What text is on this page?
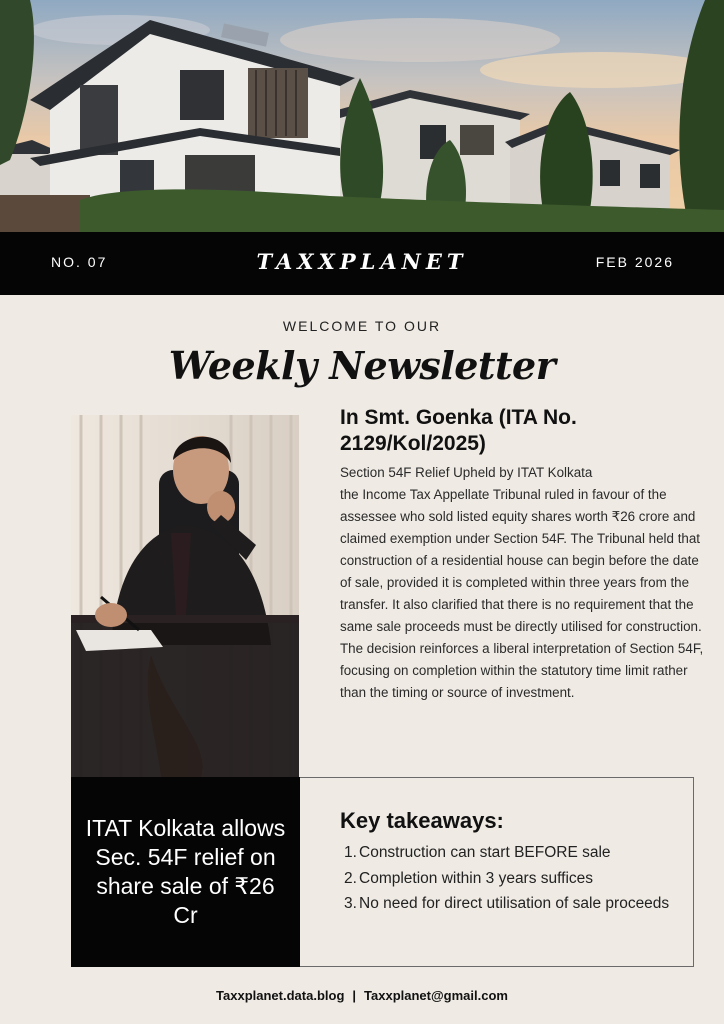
NO. 07	TAXXPLANET	FEB 2026
WELCOME TO OUR
Weekly Newsletter
In Smt. Goenka (ITA No. 2129/Kol/2025)

Section 54F Relief Upheld by ITAT Kolkata

the Income Tax Appellate Tribunal ruled in favour of the assessee who sold listed equity shares worth ₹26 crore and claimed exemption under Section 54F. The Tribunal held that construction of a residential house can begin before the date of sale, provided it is completed within three years from the transfer. It also clarified that there is no requirement that the same sale proceeds must be directly utilised for construction. The decision reinforces a liberal interpretation of Section 54F, focusing on completion within the statutory time limit rather than the timing or source of investment.

ITAT Kolkata allows Sec. 54F relief on share sale of ₹26 Cr
Key takeaways:
1. Construction can start BEFORE sale
2. Completion within 3 years suffices
3. No need for direct utilisation of sale proceeds
Taxxplanet.data.blog | Taxxplanet@gmail.com
